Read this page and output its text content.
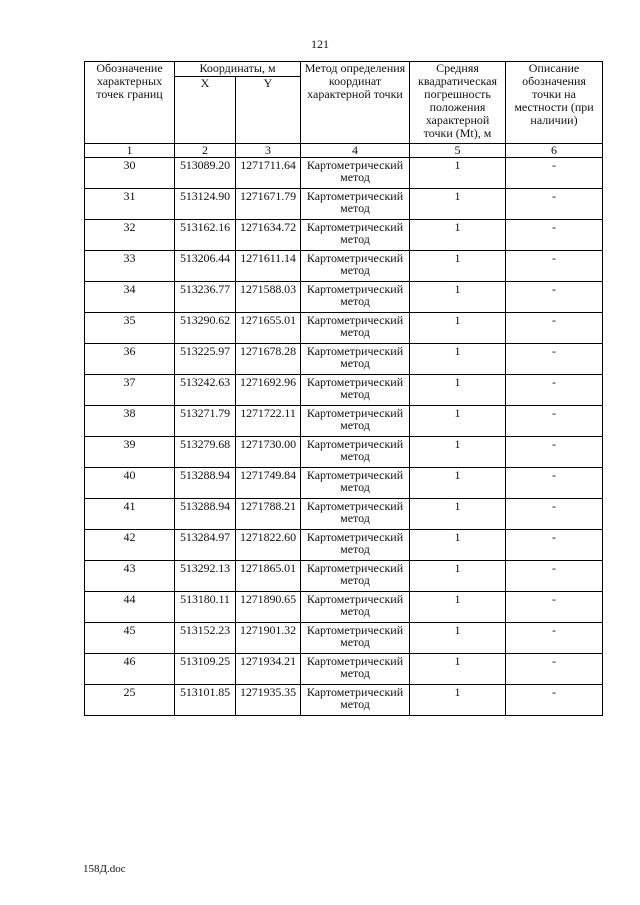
121
Обозначение характерных точек границ	Координаты, м		Метод определения координат характерной точки	Средняя квадратическая погрешность положения характерной точки (Mt), м	Описание обозначения точки на местности (при наличии)
	X	Y			
1	2	3	4	5	6
30	513089.20	1271711.64	Картометрический метод	1	-
31	513124.90	1271671.79	Картометрический метод	1	-
32	513162.16	1271634.72	Картометрический метод	1	-
33	513206.44	1271611.14	Картометрический метод	1	-
34	513236.77	1271588.03	Картометрический метод	1	-
35	513290.62	1271655.01	Картометрический метод	1	-
36	513225.97	1271678.28	Картометрический метод	1	-
37	513242.63	1271692.96	Картометрический метод	1	-
38	513271.79	1271722.11	Картометрический метод	1	-
39	513279.68	1271730.00	Картометрический метод	1	-
40	513288.94	1271749.84	Картометрический метод	1	-
41	513288.94	1271788.21	Картометрический метод	1	-
42	513284.97	1271822.60	Картометрический метод	1	-
43	513292.13	1271865.01	Картометрический метод	1	-
44	513180.11	1271890.65	Картометрический метод	1	-
45	513152.23	1271901.32	Картометрический метод	1	-
46	513109.25	1271934.21	Картометрический метод	1	-
25	513101.85	1271935.35	Картометрический метод	1	-
158Д.doc
